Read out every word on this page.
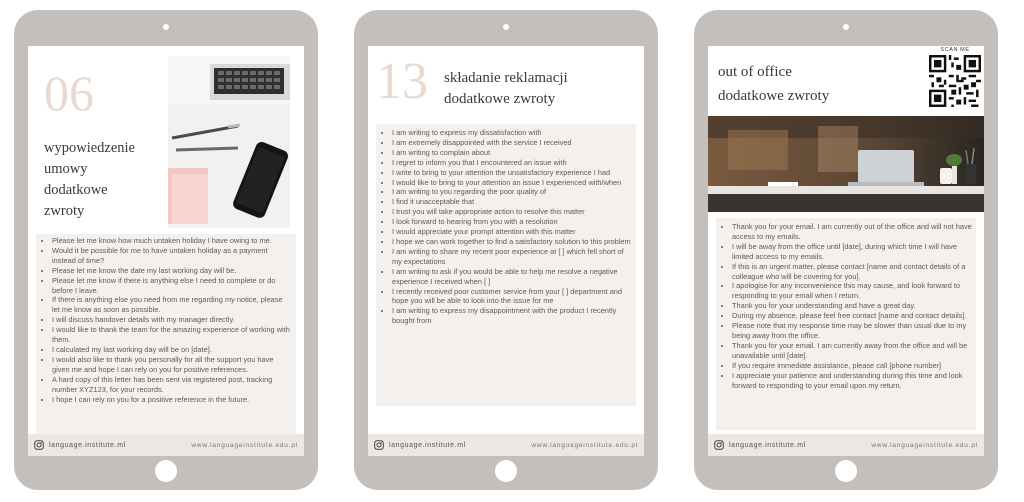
06
wypowiedzenie
umowy
dodatkowe
zwroty
• Please let me know how much untaken holiday I have owing to me.
• Would it be possible for me to have untaken holiday as a payment instead of time?
• Please let me know the date my last working day will be.
• Please let me know if there is anything else I need to complete or do before I leave.
• If there is anything else you need from me regarding my notice, please let me know as soon as possible.
• I will discuss handover details with my manager directly.
• I would like to thank the team for the amazing experience of working with them.
• I calculated my last working day will be on [date].
• I would also like to thank you personally for all the support you have given me and hope I can rely on you for positive references.
• A hard copy of this letter has been sent via registered post, tracking number XYZ123, for your records.
• I hope I can rely on you for a positive reference in the future.
language.institute.ml	www.languageinstitute.edu.pl
13 składanie reklamacji
dodatkowe zwroty
• I am writing to express my dissatisfaction with
• I am extremely disappointed with the service I received
• I am writing to complain about
• I regret to inform you that I encountered an issue with
• I write to bring to your attention the unsatisfactory experience I had
• I would like to bring to your attention an issue I experienced with/when
• I am writing to you regarding the poor quality of
• I find it unacceptable that
• I trust you will take appropriate action to resolve this matter
• I look forward to hearing from you with a resolution
• I would appreciate your prompt attention with this matter
• I hope we can work together to find a satisfactory solution to this problem
• I am writing to share my recent poor experience at [ ] which fell short of my expectations
• I am writing to ask if you would be able to help me resolve a negative experience I received when [ ]
• I recently received poor customer service from your [ ] department and hope you will be able to look into the issue for me
• I am writing to express my disappointment with the product I recently bought from
language.institute.ml	www.languageinstitute.edu.pl
out of office
dodatkowe zwroty
SCAN ME
• Thank you for your email. I am currently out of the office and will not have access to my emails.
• I will be away from the office until [date], during which time I will have limited access to my emails.
• If this is an urgent matter, please contact [name and contact details of a colleague who will be covering for you].
• I apologise for any inconvenience this may cause, and look forward to responding to your email when I return.
• Thank you for your understanding and have a great day.
• During my absence, please feel free contact [name and contact details].
• Please note that my response time may be slower than usual due to my being away from the office.
• Thank you for your email. I am currently away from the office and will be unavailable until [date].
• If you require immediate assistance, please call [phone number]
• I appreciate your patience and understanding during this time and look forward to responding to your email upon my return.
language.institute.ml	www.languageinstitute.edu.pl
